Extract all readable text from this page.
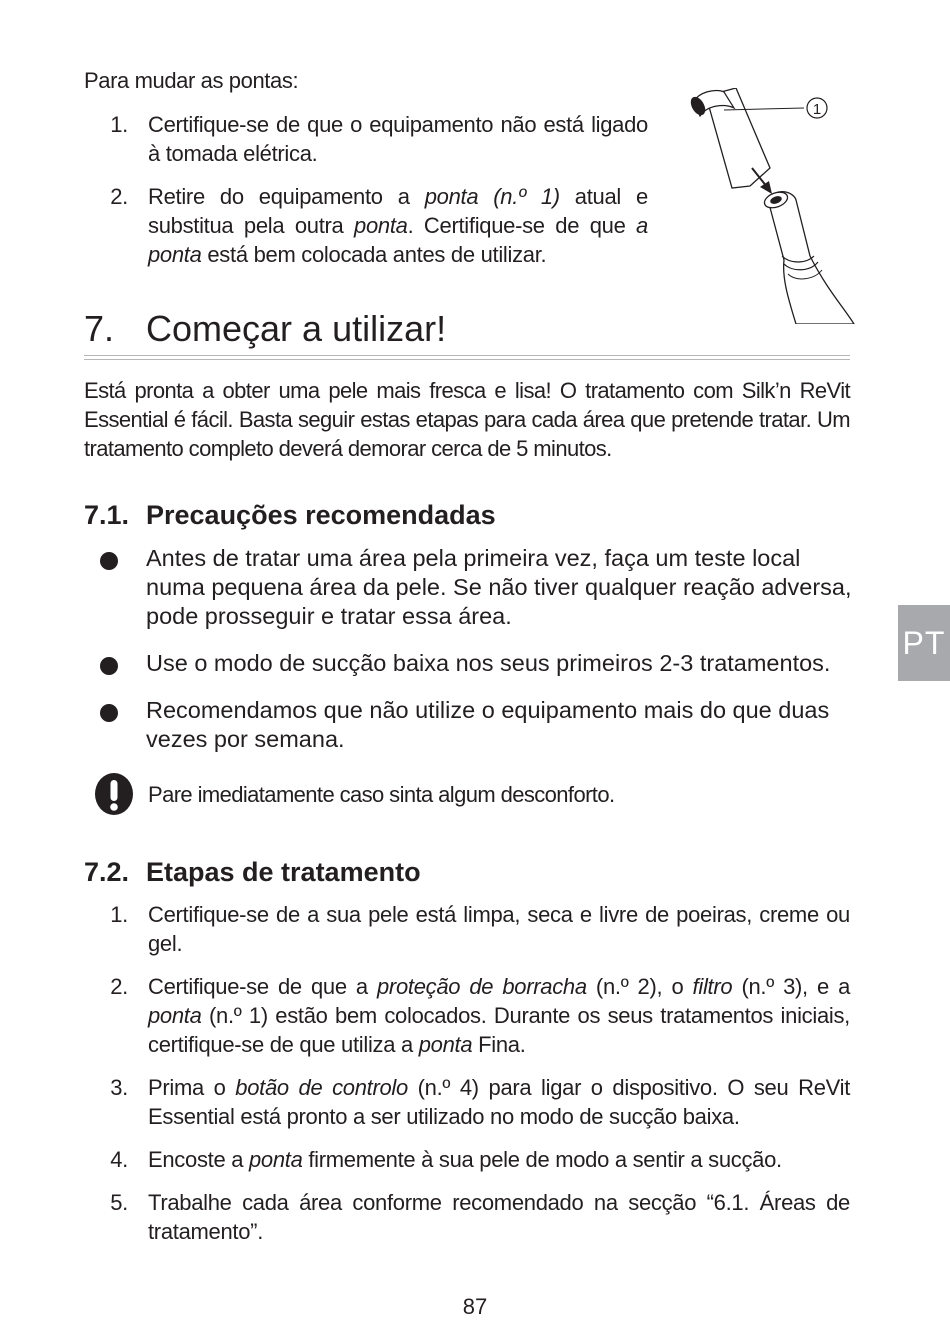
Para mudar as pontas:
1. Certifique-se de que o equipamento não está ligado à tomada elétrica.
2. Retire do equipamento a ponta (n.º 1) atual e substitua pela outra ponta. Certifique-se de que a ponta está bem colocada antes de utilizar.
1
7. Começar a utilizar!
Está pronta a obter uma pele mais fresca e lisa! O tratamento com Silk’n ReVit Essential é fácil. Basta seguir estas etapas para cada área que pretende tratar. Um tratamento completo deverá demorar cerca de 5 minutos.
7.1. Precauções recomendadas
Antes de tratar uma área pela primeira vez, faça um teste local numa pequena área da pele. Se não tiver qualquer reação adversa, pode prosseguir e tratar essa área.
Use o modo de sucção baixa nos seus primeiros 2-3 tratamentos.
Recomendamos que não utilize o equipamento mais do que duas vezes por semana.
Pare imediatamente caso sinta algum desconforto.
7.2. Etapas de tratamento
1. Certifique-se de a sua pele está limpa, seca e livre de poeiras, creme ou gel.
2. Certifique-se de que a proteção de borracha (n.º 2), o filtro (n.º 3), e a ponta (n.º 1) estão bem colocados. Durante os seus tratamentos iniciais, certifique-se de que utiliza a ponta Fina.
3. Prima o botão de controlo (n.º 4) para ligar o dispositivo. O seu ReVit Essential está pronto a ser utilizado no modo de sucção baixa.
4. Encoste a ponta firmemente à sua pele de modo a sentir a sucção.
5. Trabalhe cada área conforme recomendado na secção “6.1. Áreas de tratamento”.
PT
87
